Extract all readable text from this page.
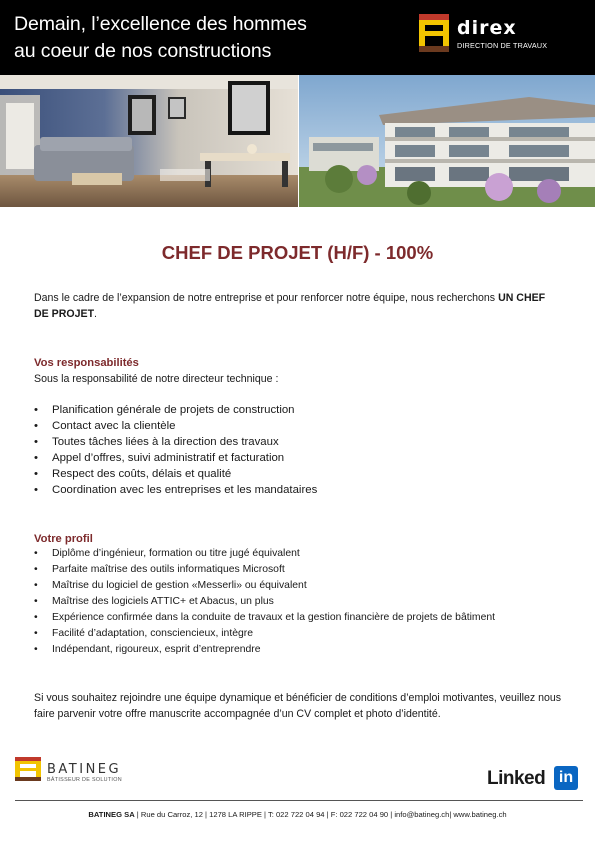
Demain, l’excellence des hommes
au coeur de nos constructions
direx
DIRECTION DE TRAVAUX
CHEF DE PROJET (H/F) - 100%
Dans le cadre de l’expansion de notre entreprise et pour renforcer notre équipe, nous recherchons UN CHEF DE PROJET.
Vos responsabilités
Sous la responsabilité de notre directeur technique :
• Planification générale de projets de construction
• Contact avec la clientèle
• Toutes tâches liées à la direction des travaux
• Appel d’offres, suivi administratif et facturation
• Respect des coûts, délais et qualité
• Coordination avec les entreprises et les mandataires
Votre profil
• Diplôme d’ingénieur, formation ou titre jugé équivalent
• Parfaite maîtrise des outils informatiques Microsoft
• Maîtrise du logiciel de gestion «Messerli» ou équivalent
• Maîtrise des logiciels ATTIC+ et Abacus, un plus
• Expérience confirmée dans la conduite de travaux et la gestion financière de projets de bâtiment
• Facilité d’adaptation, consciencieux, intègre
• Indépendant, rigoureux, esprit d’entreprendre
Si vous souhaitez rejoindre une équipe dynamique et bénéficier de conditions d’emploi motivantes, veuillez nous faire parvenir votre offre manuscrite accompagnée d’un CV complet et photo d’identité.
BATINEG
BÂTISSEUR DE SOLUTION	Linked in
BATINEG SA | Rue du Carroz, 12 | 1278 LA RIPPE | T: 022 722 04 94 | F: 022 722 04 90 | info@batineg.ch| www.batineg.ch
